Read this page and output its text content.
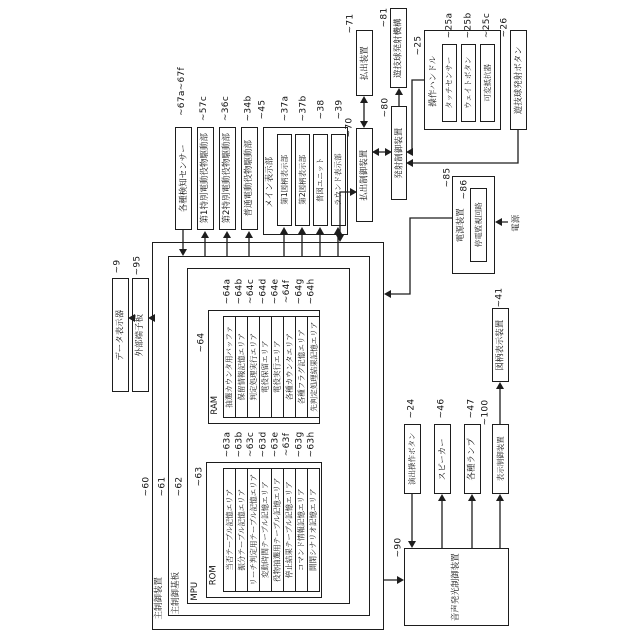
抽選カウンタ用バッファ 保留情報記憶エリア 判定処理実行エリア 電役保留エリア 電役実行エリア 各種カウンタエリア 各種フラグ記憶エリア 先判定処理結果記憶エリア
~64a ~64b ~64c ~64d ~64e ~64f ~64g ~64h
当否テーブル記憶エリア 振分テーブル記憶エリア リーチ判定用テーブル記憶エリア 変動時間テーブル記憶エリア 役物抽選用テーブル記憶エリア 停止結果テーブル記憶エリア コマンド情報記憶エリア 開閉シナリオ記憶エリア
~63a ~63b ~63c ~63d ~63e ~63f ~63g ~63h
主制御装置 主制御基板 MPU
ROM
RAM
~60 ~61 ~62
~63
~64
データ表示器 外部端子板
~9 ~95
各種検知センサー 第1特別電動役物駆動部 第2特別電動役物駆動部 普通電動役物駆動部 メイン表示部 第1図柄表示部 第2図柄表示部 普図ユニット ラウンド表示部
~67a~67f ~57c ~36c ~34b ~45 ~37a ~37b ~38 ~39
払出装置
払出制御装置
遊技球発射機構
発射制御装置
~71
~70
~81
~80
操作ハンドル タッチセンサー ウェイトボタン 可変抵抗器	遊技球発射ボタン
~25
~25a ~25b ~25c ~26
電源装置 停電監視回路
~85
~86
電源
図柄表示装置
演出操作ボタン スピーカー 各種ランプ 表示制御装置
音声発光制御装置
~41
~24 ~46 ~47 ~100
~90
